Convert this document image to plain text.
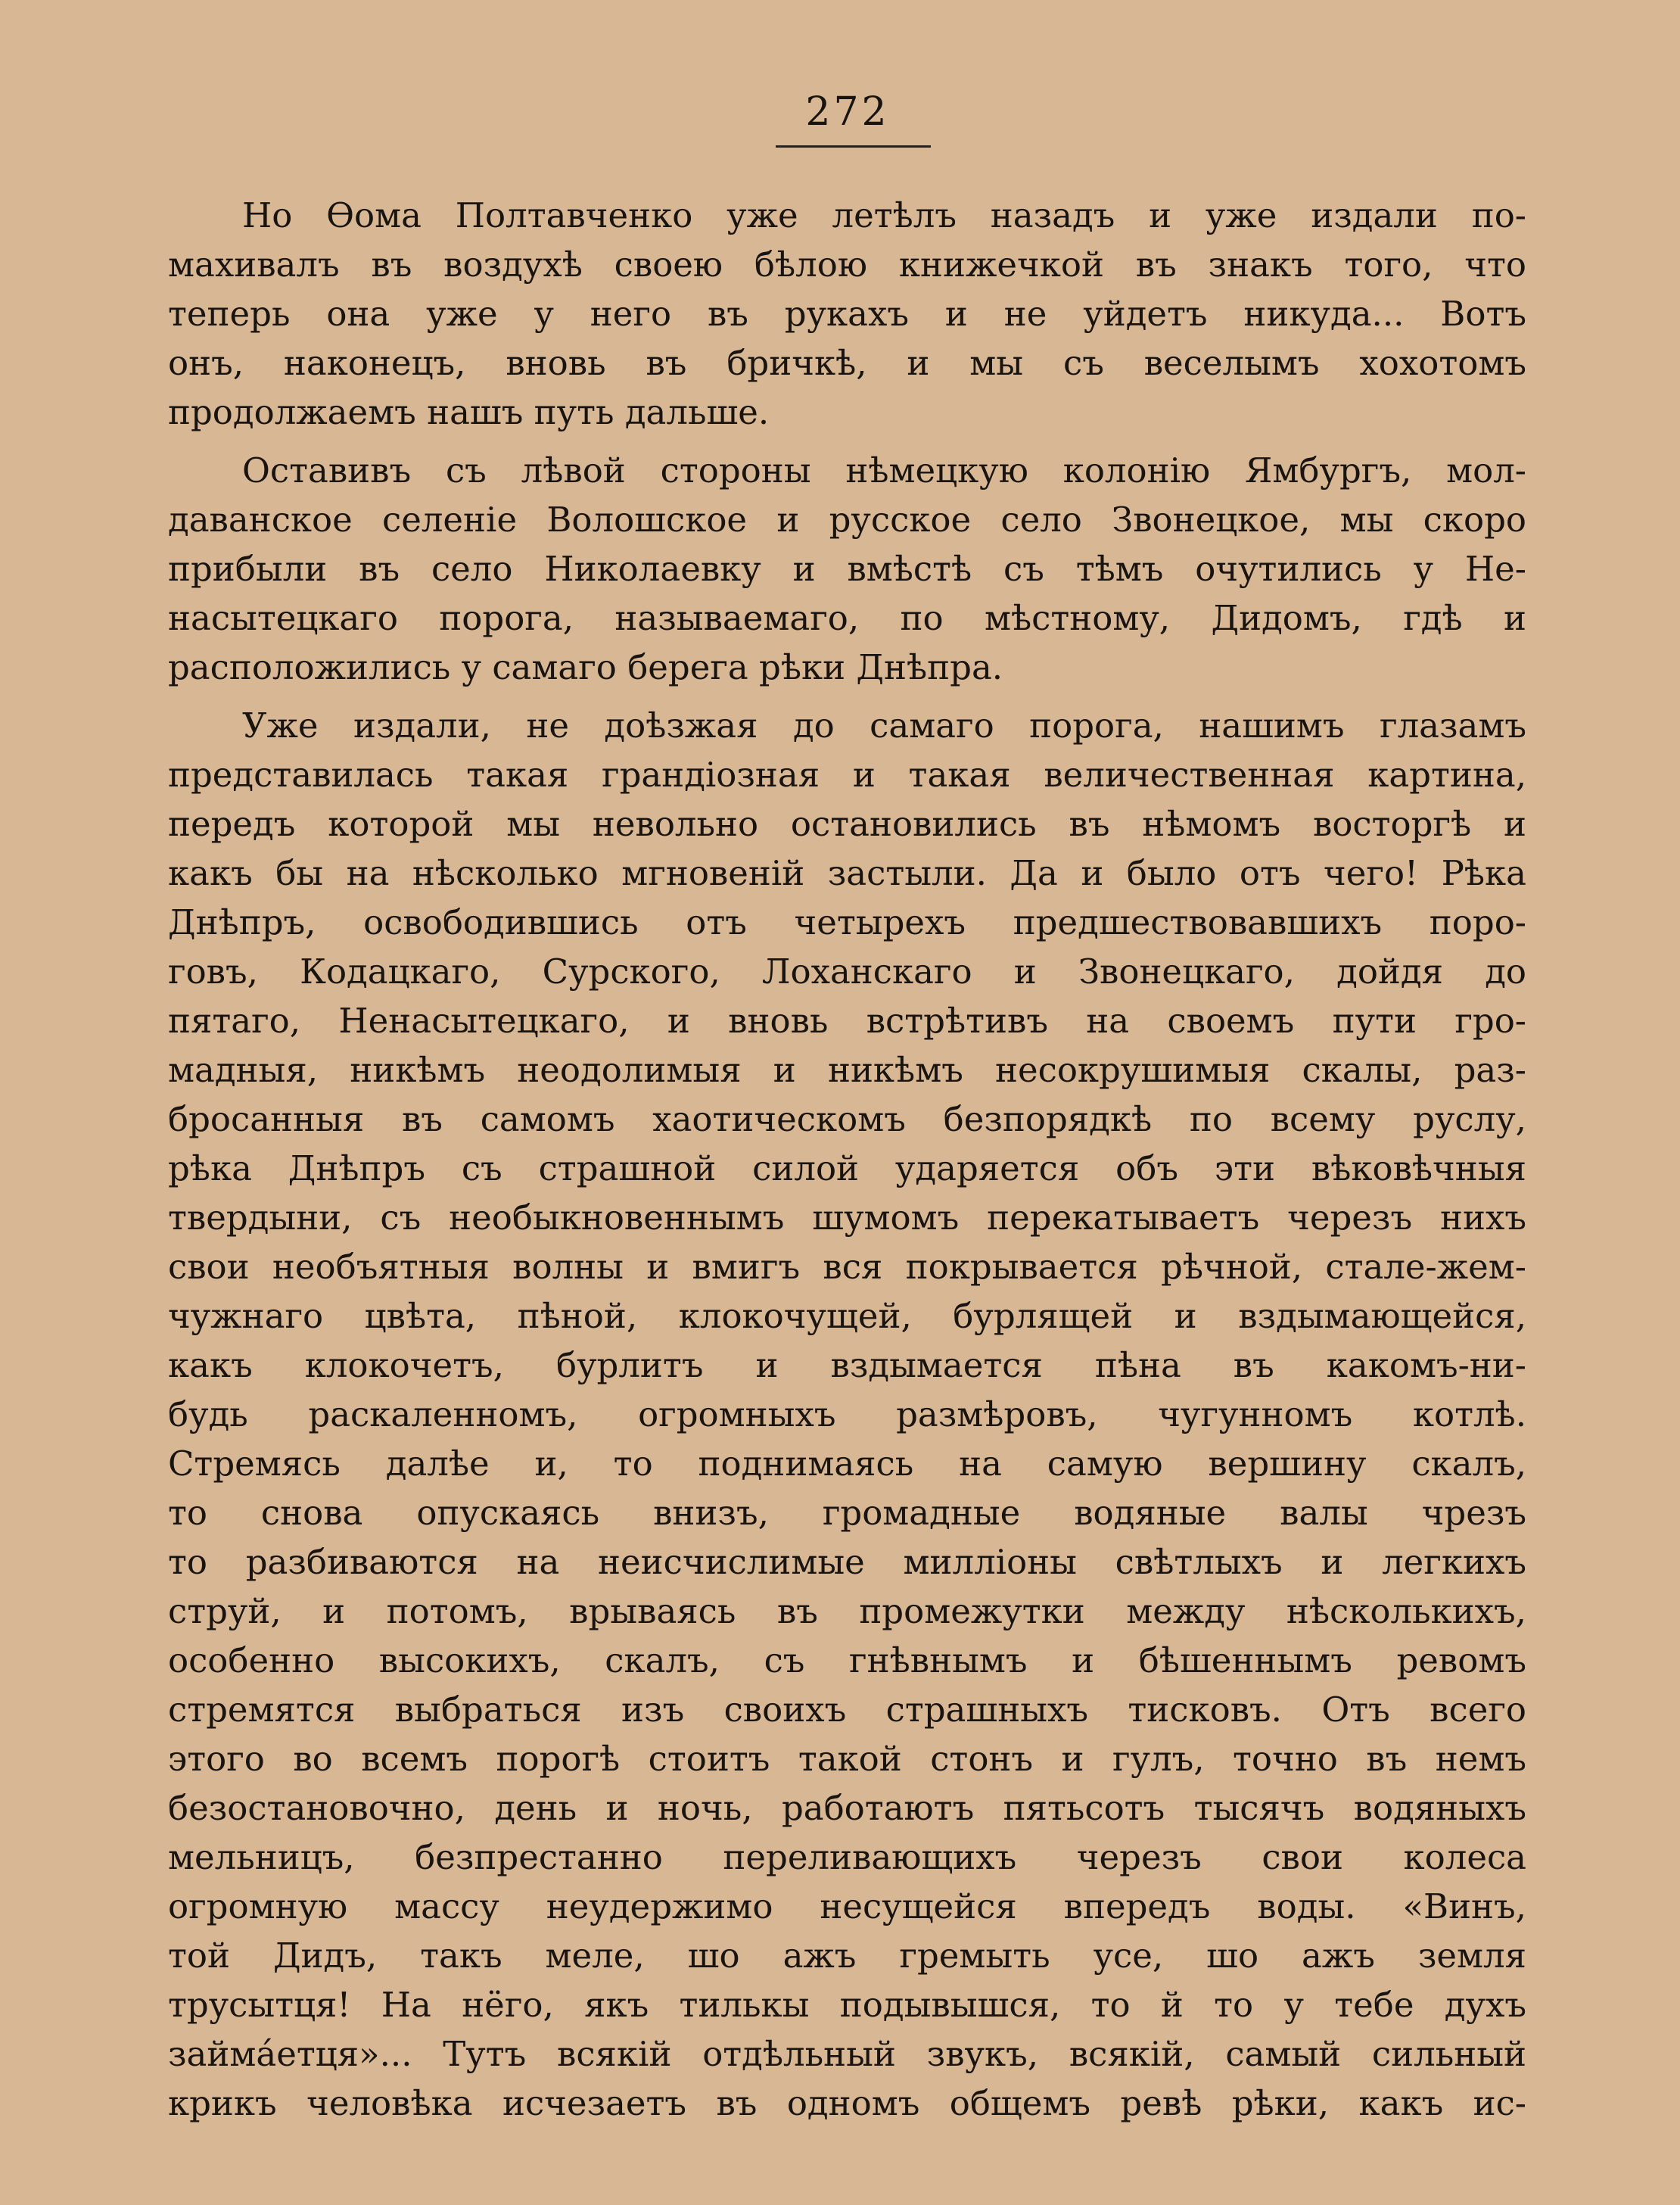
272
Но Өома Полтавченко уже летѣлъ назадъ и уже издали по-
махивалъ въ воздухѣ своею бѣлою книжечкой въ знакъ того, что
теперь она уже у него въ рукахъ и не уйдетъ никуда... Вотъ
онъ, наконецъ, вновь въ бричкѣ, и мы съ веселымъ хохотомъ
продолжаемъ нашъ путь дальше.
Оставивъ съ лѣвой стороны нѣмецкую колонію Ямбургъ, мол-
даванское селеніе Волошское и русское село Звонецкое, мы скоро
прибыли въ село Николаевку и вмѣстѣ съ тѣмъ очутились у Не-
насытецкаго порога, называемаго, по мѣстному, Дидомъ, гдѣ и
расположились у самаго берега рѣки Днѣпра.
Уже издали, не доѣзжая до самаго порога, нашимъ глазамъ
представилась такая грандіозная и такая величественная картина,
передъ которой мы невольно остановились въ нѣмомъ восторгѣ и
какъ бы на нѣсколько мгновеній застыли. Да и было отъ чего! Рѣка
Днѣпръ, освободившись отъ четырехъ предшествовавшихъ поро-
говъ, Кодацкаго, Сурского, Лоханскаго и Звонецкаго, дойдя до
пятаго, Ненасытецкаго, и вновь встрѣтивъ на своемъ пути гро-
мадныя, никѣмъ неодолимыя и никѣмъ несокрушимыя скалы, раз-
бросанныя въ самомъ хаотическомъ безпорядкѣ по всему руслу,
рѣка Днѣпръ съ страшной силой ударяется объ эти вѣковѣчныя
твердыни, съ необыкновеннымъ шумомъ перекатываетъ черезъ нихъ
свои необъятныя волны и вмигъ вся покрывается рѣчной, стале-жем-
чужнаго цвѣта, пѣной, клокочущей, бурлящей и вздымающейся,
какъ клокочетъ, бурлитъ и вздымается пѣна въ какомъ-ни-
будь раскаленномъ, огромныхъ размѣровъ, чугунномъ котлѣ.
Стремясь далѣе и, то поднимаясь на самую вершину скалъ,
то снова опускаясь внизъ, громадные водяные валы чрезъ
то разбиваются на неисчислимые милліоны свѣтлыхъ и легкихъ
струй, и потомъ, врываясь въ промежутки между нѣсколькихъ,
особенно высокихъ, скалъ, съ гнѣвнымъ и бѣшеннымъ ревомъ
стремятся выбраться изъ своихъ страшныхъ тисковъ. Отъ всего
этого во всемъ порогѣ стоитъ такой стонъ и гулъ, точно въ немъ
безостановочно, день и ночь, работаютъ пятьсотъ тысячъ водяныхъ
мельницъ, безпрестанно переливающихъ черезъ свои колеса
огромную массу неудержимо несущейся впередъ воды. «Винъ,
той Дидъ, такъ меле, шо ажъ гремыть усе, шо ажъ земля
трусытця! На нёго, якъ тилькы подывышся, то й то у тебе духъ
займáетця»... Тутъ всякій отдѣльный звукъ, всякій, самый сильный
крикъ человѣка исчезаетъ въ одномъ общемъ ревѣ рѣки, какъ ис-
